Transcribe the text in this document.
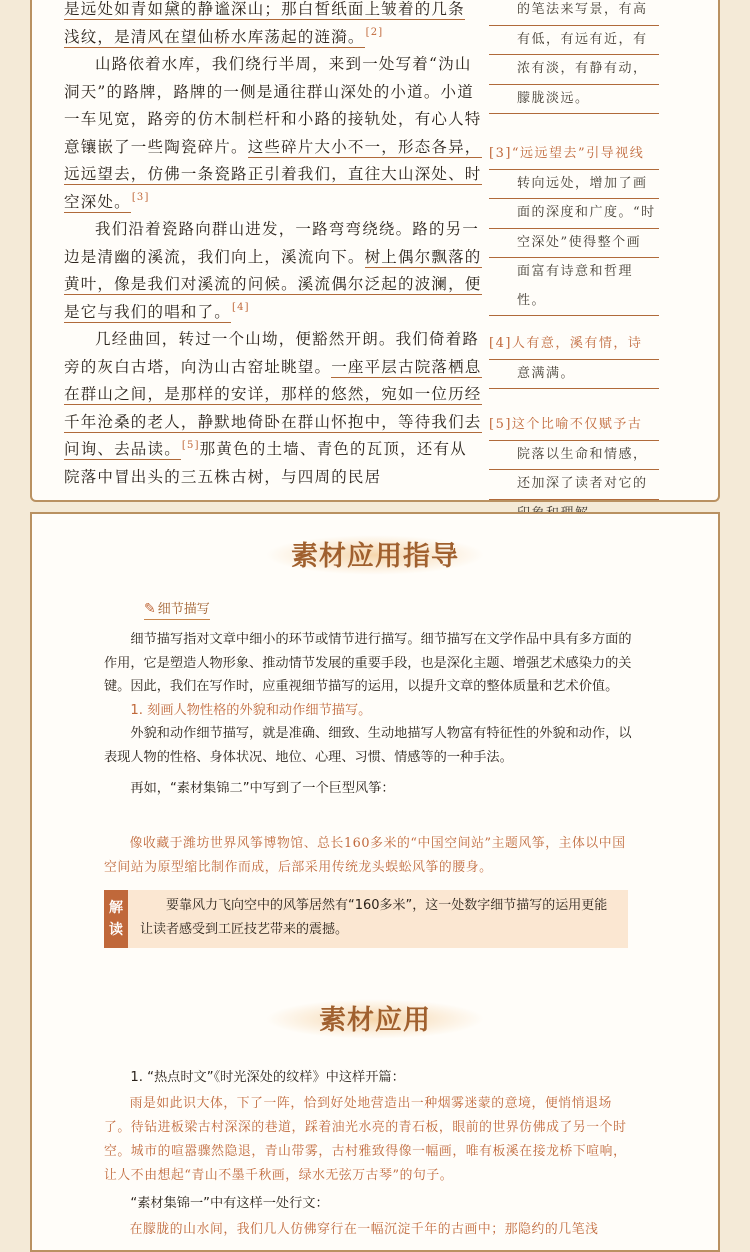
是远处如青如黛的静谧深山；那白皙纸面上皱着的几条
浅纹，是清风在望仙桥水库荡起的涟漪。[2]

山路依着水库，我们绕行半周，来到一处写着“沩山洞天”的路牌，路牌的一侧是通往群山深处的小道。小道一车见宽，路旁的仿木制栏杆和小路的接轨处，有心人特意镶嵌了一些陶瓷碎片。这些碎片大小不一，形态各异，远远望去，仿佛一条瓷路正引着我们，直往大山深处、时空深处。[3]

我们沿着瓷路向群山进发，一路弯弯绕绕。路的另一边是清幽的溪流，我们向上，溪流向下。树上偶尔飘落的黄叶，像是我们对溪流的问候。溪流偶尔泛起的波澜，便是它与我们的唱和了。[4]

几经曲回，转过一个山坳，便豁然开朗。我们倚着路旁的灰白古塔，向沩山古窑址眺望。一座平层古院落栖息在群山之间，是那样的安详，那样的悠然，宛如一位历经千年沧桑的老人，静默地倚卧在群山怀抱中，等待我们去问询、去品读。[5]那黄色的土墙、青色的瓦顶，还有从院落中冒出头的三五株古树，与四周的民居

的笔法来写景，有高
有低，有远有近，有
浓有淡，有静有动，
朦胧淡远。
[3]“远远望去”引导视线
转向远处，增加了画
面的深度和广度。“时
空深处”使得整个画
面富有诗意和哲理性。
[4]人有意，溪有情，诗
意满满。
[5]这个比喻不仅赋予古
院落以生命和情感，
还加深了读者对它的
素材应用指导
✎ 细节描写

细节描写指对文章中细小的环节或情节进行描写。细节描写在文学作品中具有多方面的作用，它是塑造人物形象、推动情节发展的重要手段，也是深化主题、增强艺术感染力的关键。因此，我们在写作时，应重视细节描写的运用，以提升文章的整体质量和艺术价值。

1. 刻画人物性格的外貌和动作细节描写。

外貌和动作细节描写，就是准确、细致、生动地描写人物富有特征性的外貌和动作，以表现人物的性格、身体状况、地位、心理、习惯、情感等的一种手法。

再如，“素材集锦二”中写到了一个巨型风筝：

像收藏于潍坊世界风筝博物馆、总长160多米的“中国空间站”主题风筝，主体以中国空间站为原型缩比制作而成，后部采用传统龙头蜈蚣风筝的腰身。

解
读
要靠风力飞向空中的风筝居然有“160多米”，这一处数字细节描写的运用更能让读者感受到工匠技艺带来的震撼。
素材应用

1. “热点时文”《时光深处的纹样》中这样开篇：

雨是如此识大体，下了一阵，恰到好处地营造出一种烟雾迷蒙的意境，便悄悄退场了。待钻进板梁古村深深的巷道，踩着油光水亮的青石板，眼前的世界仿佛成了另一个时空。城市的喧嚣骤然隐退，青山带雾，古村雅致得像一幅画，唯有板溪在接龙桥下喧响，让人不由想起“青山不墨千秋画，绿水无弦万古琴”的句子。

“素材集锦一”中有这样一处行文：

在朦胧的山水间，我们几人仿佛穿行在一幅沉淀千年的古画中；那隐约的几笔浅
